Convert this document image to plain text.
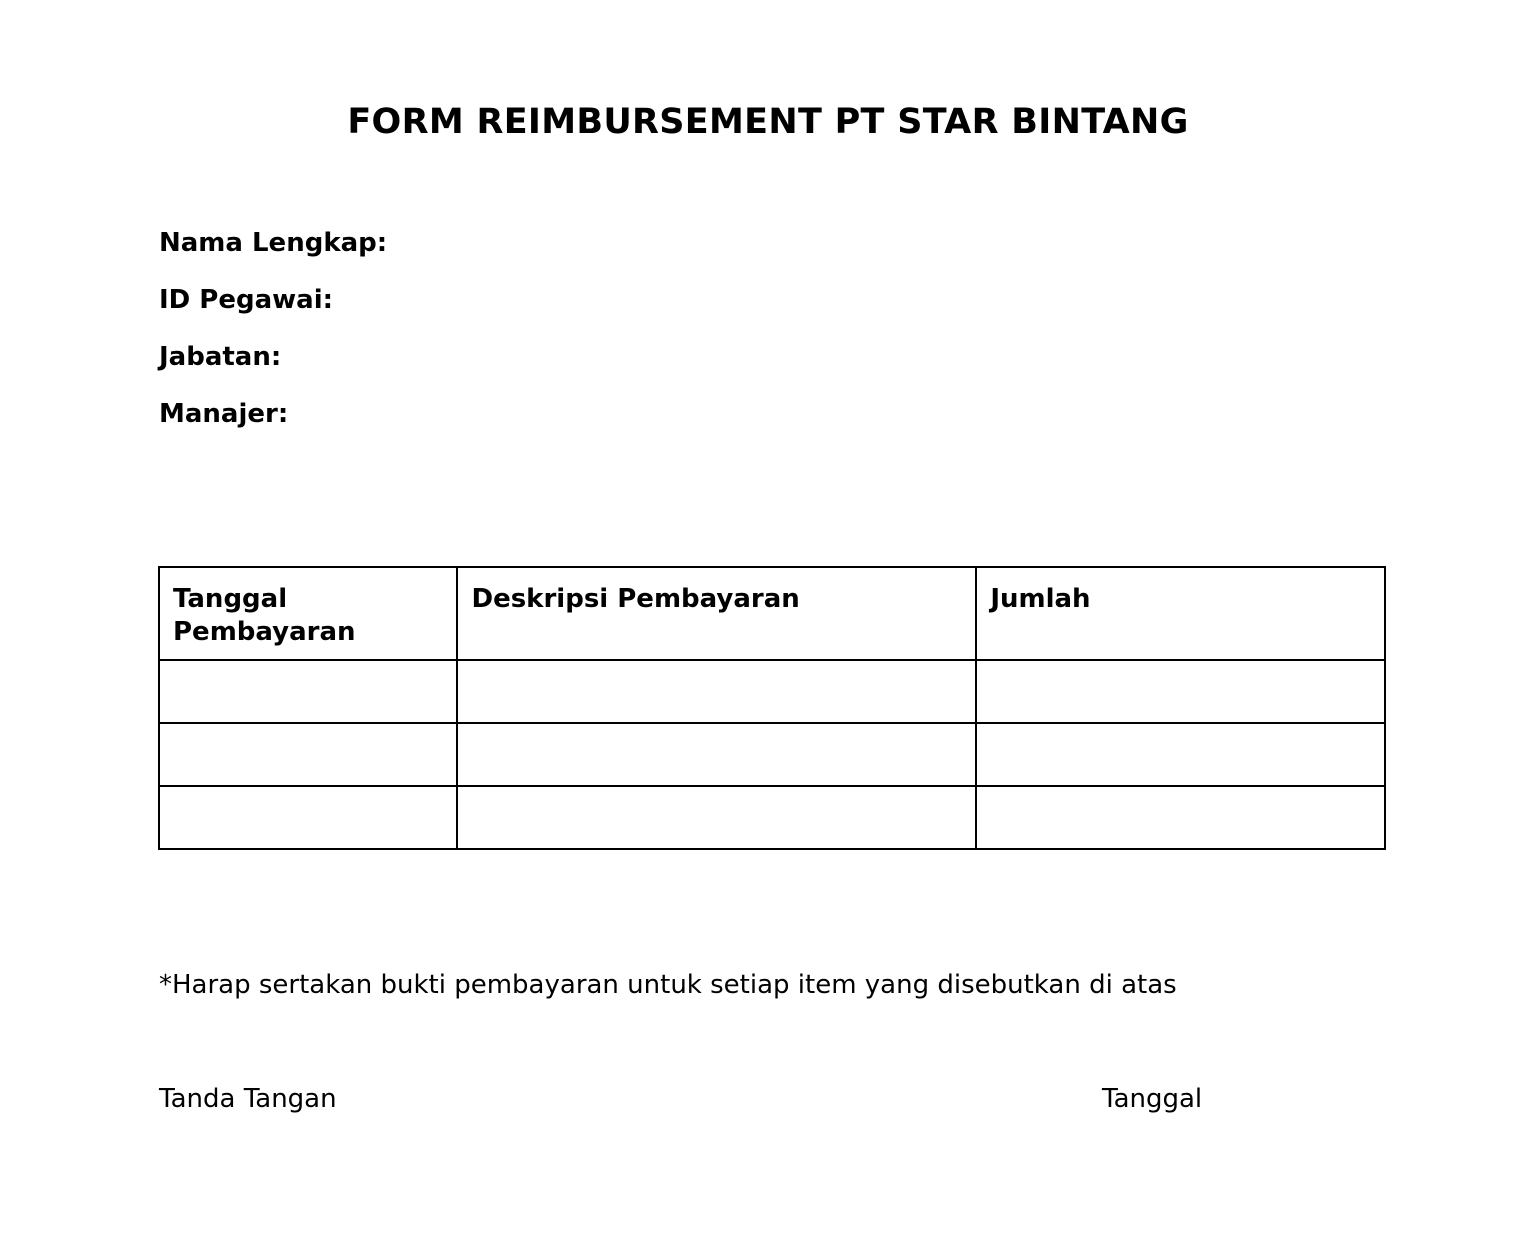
FORM REIMBURSEMENT PT STAR BINTANG
Nama Lengkap:
ID Pegawai:
Jabatan:
Manajer:
Tanggal Pembayaran	Deskripsi Pembayaran	Jumlah

*Harap sertakan bukti pembayaran untuk setiap item yang disebutkan di atas
Tanda Tangan	Tanggal
